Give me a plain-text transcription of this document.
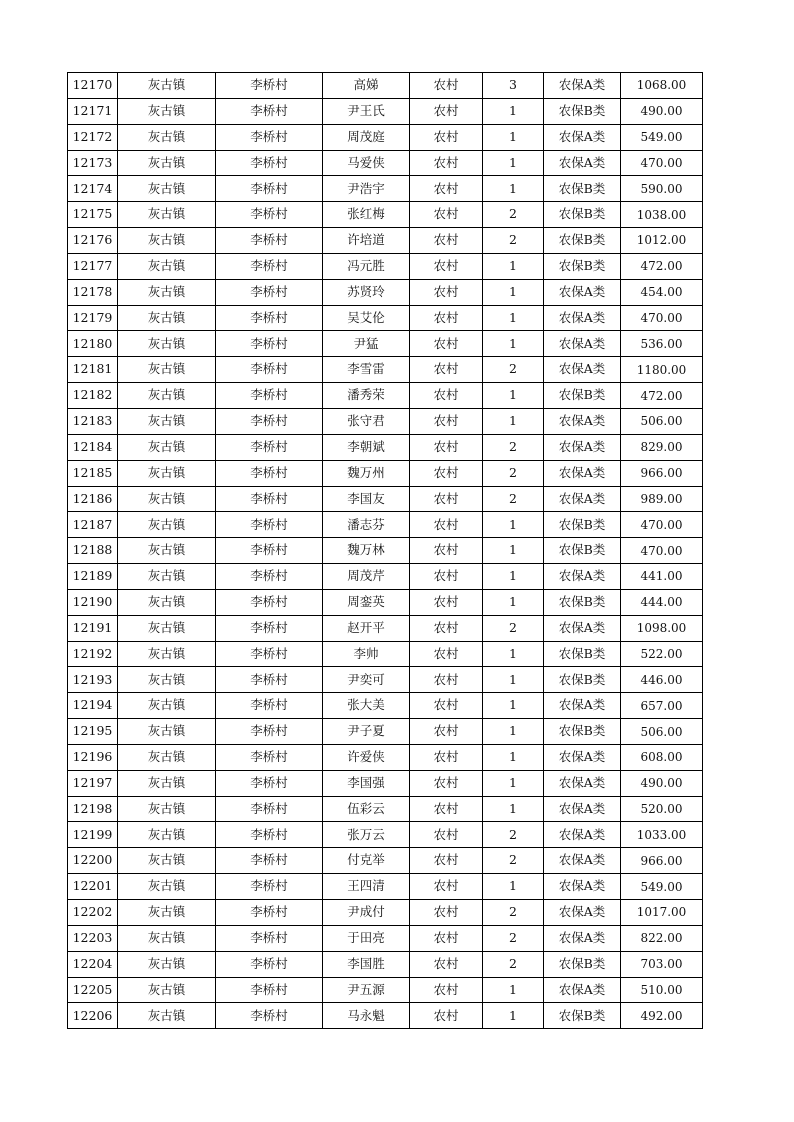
12170	灰古镇	李桥村	高娣	农村	3	农保A类	1068.00
12171	灰古镇	李桥村	尹王氏	农村	1	农保B类	490.00
12172	灰古镇	李桥村	周茂庭	农村	1	农保A类	549.00
12173	灰古镇	李桥村	马爱侠	农村	1	农保A类	470.00
12174	灰古镇	李桥村	尹浩宇	农村	1	农保B类	590.00
12175	灰古镇	李桥村	张红梅	农村	2	农保B类	1038.00
12176	灰古镇	李桥村	许培道	农村	2	农保B类	1012.00
12177	灰古镇	李桥村	冯元胜	农村	1	农保B类	472.00
12178	灰古镇	李桥村	苏贤玲	农村	1	农保A类	454.00
12179	灰古镇	李桥村	吴艾伦	农村	1	农保A类	470.00
12180	灰古镇	李桥村	尹猛	农村	1	农保A类	536.00
12181	灰古镇	李桥村	李雪雷	农村	2	农保A类	1180.00
12182	灰古镇	李桥村	潘秀荣	农村	1	农保B类	472.00
12183	灰古镇	李桥村	张守君	农村	1	农保A类	506.00
12184	灰古镇	李桥村	李朝斌	农村	2	农保A类	829.00
12185	灰古镇	李桥村	魏万州	农村	2	农保A类	966.00
12186	灰古镇	李桥村	李国友	农村	2	农保A类	989.00
12187	灰古镇	李桥村	潘志芬	农村	1	农保B类	470.00
12188	灰古镇	李桥村	魏万林	农村	1	农保B类	470.00
12189	灰古镇	李桥村	周茂芹	农村	1	农保A类	441.00
12190	灰古镇	李桥村	周銮英	农村	1	农保B类	444.00
12191	灰古镇	李桥村	赵开平	农村	2	农保A类	1098.00
12192	灰古镇	李桥村	李帅	农村	1	农保B类	522.00
12193	灰古镇	李桥村	尹奕可	农村	1	农保B类	446.00
12194	灰古镇	李桥村	张大美	农村	1	农保A类	657.00
12195	灰古镇	李桥村	尹子夏	农村	1	农保B类	506.00
12196	灰古镇	李桥村	许爱侠	农村	1	农保A类	608.00
12197	灰古镇	李桥村	李国强	农村	1	农保A类	490.00
12198	灰古镇	李桥村	伍彩云	农村	1	农保A类	520.00
12199	灰古镇	李桥村	张万云	农村	2	农保A类	1033.00
12200	灰古镇	李桥村	付克举	农村	2	农保A类	966.00
12201	灰古镇	李桥村	王四清	农村	1	农保A类	549.00
12202	灰古镇	李桥村	尹成付	农村	2	农保A类	1017.00
12203	灰古镇	李桥村	于田亮	农村	2	农保A类	822.00
12204	灰古镇	李桥村	李国胜	农村	2	农保B类	703.00
12205	灰古镇	李桥村	尹五源	农村	1	农保A类	510.00
12206	灰古镇	李桥村	马永魁	农村	1	农保B类	492.00
